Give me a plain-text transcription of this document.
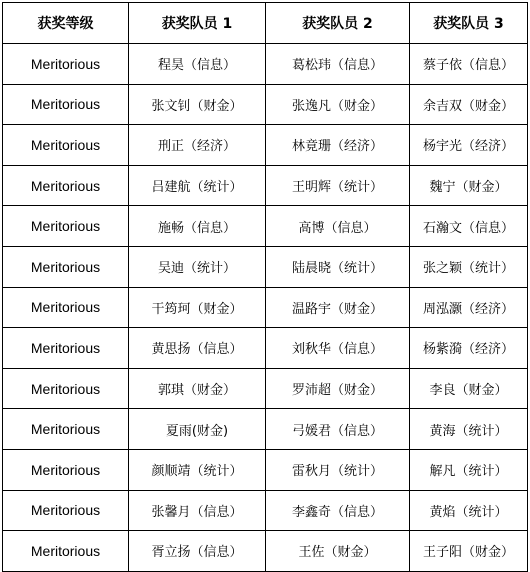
获奖等级	获奖队员 1	获奖队员 2	获奖队员 3
Meritorious	程昊（信息）	葛松玮（信息）	蔡子依（信息）
Meritorious	张文钊（财金）	张逸凡（财金）	余吉双（财金）
Meritorious	刑正（经济）	林竟珊（经济）	杨宇光（经济）
Meritorious	吕建航（统计）	王明辉（统计）	魏宁（财金）
Meritorious	施畅（信息）	高博（信息）	石瀚文（信息）
Meritorious	吴迪（统计）	陆晨晓（统计）	张之颖（统计）
Meritorious	干筠珂（财金）	温路宇（财金）	周泓灏（经济）
Meritorious	黄思扬（信息）	刘秋华（信息）	杨紫漪（经济）
Meritorious	郭琪（财金）	罗沛超（财金）	李良（财金）
Meritorious	夏雨(财金)	弓媛君（信息）	黄海（统计）
Meritorious	颜顺靖（统计）	雷秋月（统计）	解凡（统计）
Meritorious	张馨月（信息）	李鑫奇（信息）	黄焰（统计）
Meritorious	胥立扬（信息）	王佐（财金）	王子阳（财金）
